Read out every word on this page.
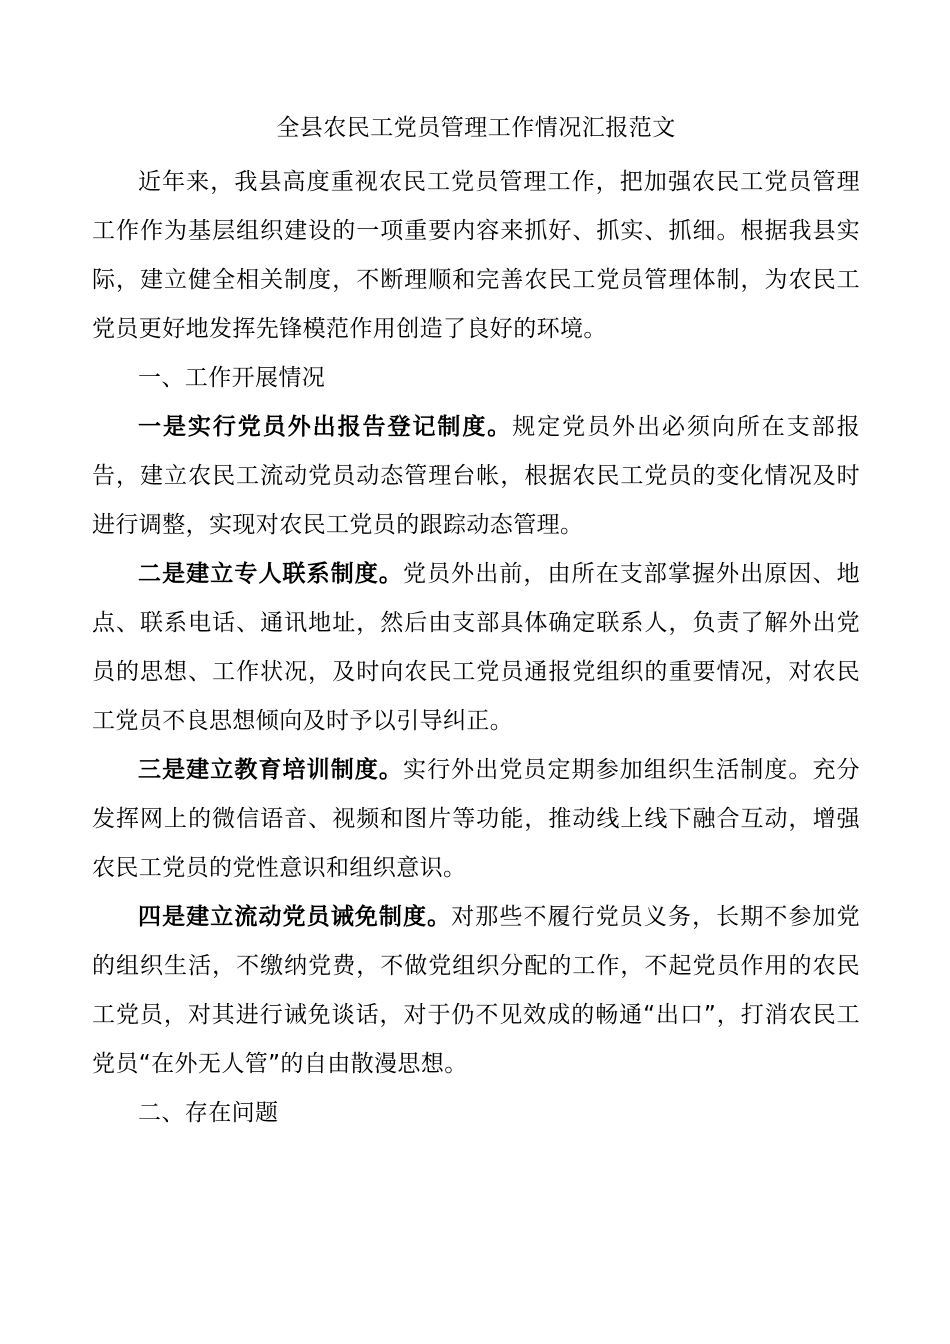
全县农民工党员管理工作情况汇报范文

近年来，我县高度重视农民工党员管理工作，把加强农民工党员管理工作作为基层组织建设的一项重要内容来抓好、抓实、抓细。根据我县实际，建立健全相关制度，不断理顺和完善农民工党员管理体制，为农民工党员更好地发挥先锋模范作用创造了良好的环境。

一、工作开展情况

一是实行党员外出报告登记制度。规定党员外出必须向所在支部报告，建立农民工流动党员动态管理台帐，根据农民工党员的变化情况及时进行调整，实现对农民工党员的跟踪动态管理。

二是建立专人联系制度。党员外出前，由所在支部掌握外出原因、地点、联系电话、通讯地址，然后由支部具体确定联系人，负责了解外出党员的思想、工作状况，及时向农民工党员通报党组织的重要情况，对农民工党员不良思想倾向及时予以引导纠正。

三是建立教育培训制度。实行外出党员定期参加组织生活制度。充分发挥网上的微信语音、视频和图片等功能，推动线上线下融合互动，增强农民工党员的党性意识和组织意识。

四是建立流动党员诫免制度。对那些不履行党员义务，长期不参加党的组织生活，不缴纳党费，不做党组织分配的工作，不起党员作用的农民工党员，对其进行诫免谈话，对于仍不见效成的畅通“出口”，打消农民工党员“在外无人管”的自由散漫思想。

二、存在问题
